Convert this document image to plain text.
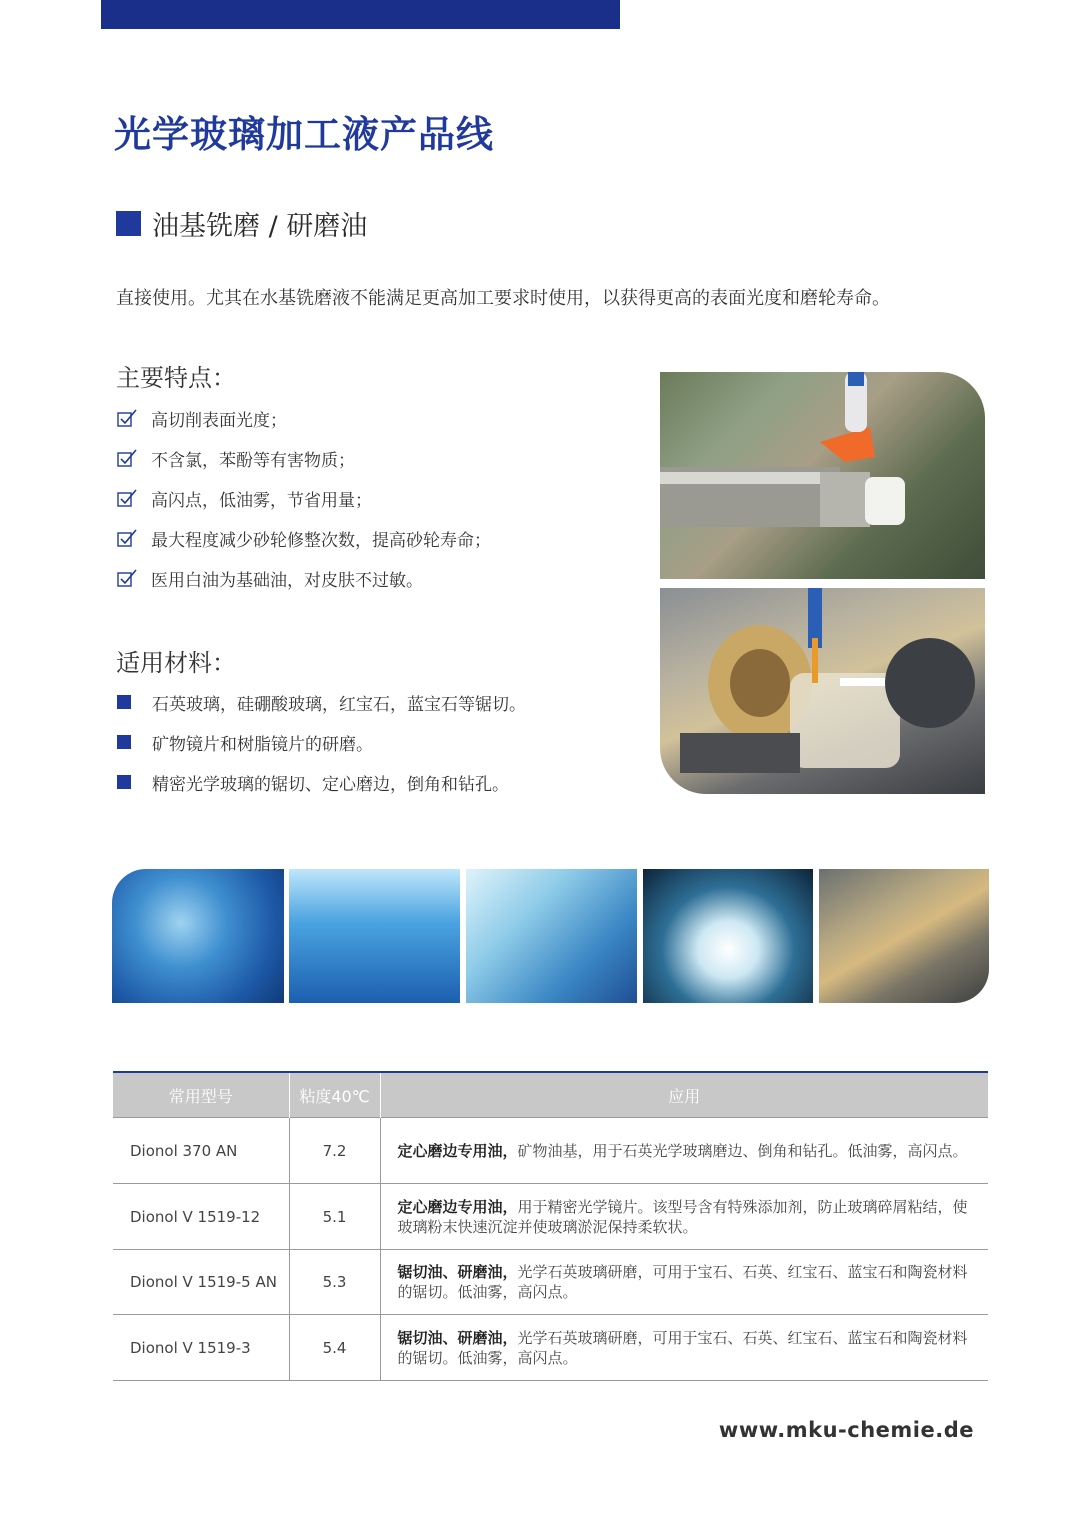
光学玻璃加工液产品线
油基铣磨 / 研磨油
直接使用。尤其在水基铣磨液不能满足更高加工要求时使用，以获得更高的表面光度和磨轮寿命。
主要特点：
高切削表面光度；
不含氯，苯酚等有害物质；
高闪点，低油雾，节省用量；
最大程度减少砂轮修整次数，提高砂轮寿命；
医用白油为基础油，对皮肤不过敏。
适用材料：
石英玻璃，硅硼酸玻璃，红宝石，蓝宝石等锯切。
矿物镜片和树脂镜片的研磨。
精密光学玻璃的锯切、定心磨边，倒角和钻孔。
常用型号	粘度40℃	应用
Dionol 370 AN	7.2	定心磨边专用油，矿物油基，用于石英光学玻璃磨边、倒角和钻孔。低油雾，高闪点。
Dionol V 1519-12	5.1	定心磨边专用油，用于精密光学镜片。该型号含有特殊添加剂，防止玻璃碎屑粘结，使玻璃粉末快速沉淀并使玻璃淤泥保持柔软状。
Dionol V 1519-5 AN	5.3	锯切油、研磨油，光学石英玻璃研磨，可用于宝石、石英、红宝石、蓝宝石和陶瓷材料的锯切。低油雾，高闪点。
Dionol V 1519-3	5.4	锯切油、研磨油，光学石英玻璃研磨，可用于宝石、石英、红宝石、蓝宝石和陶瓷材料的锯切。低油雾，高闪点。
www.mku-chemie.de
